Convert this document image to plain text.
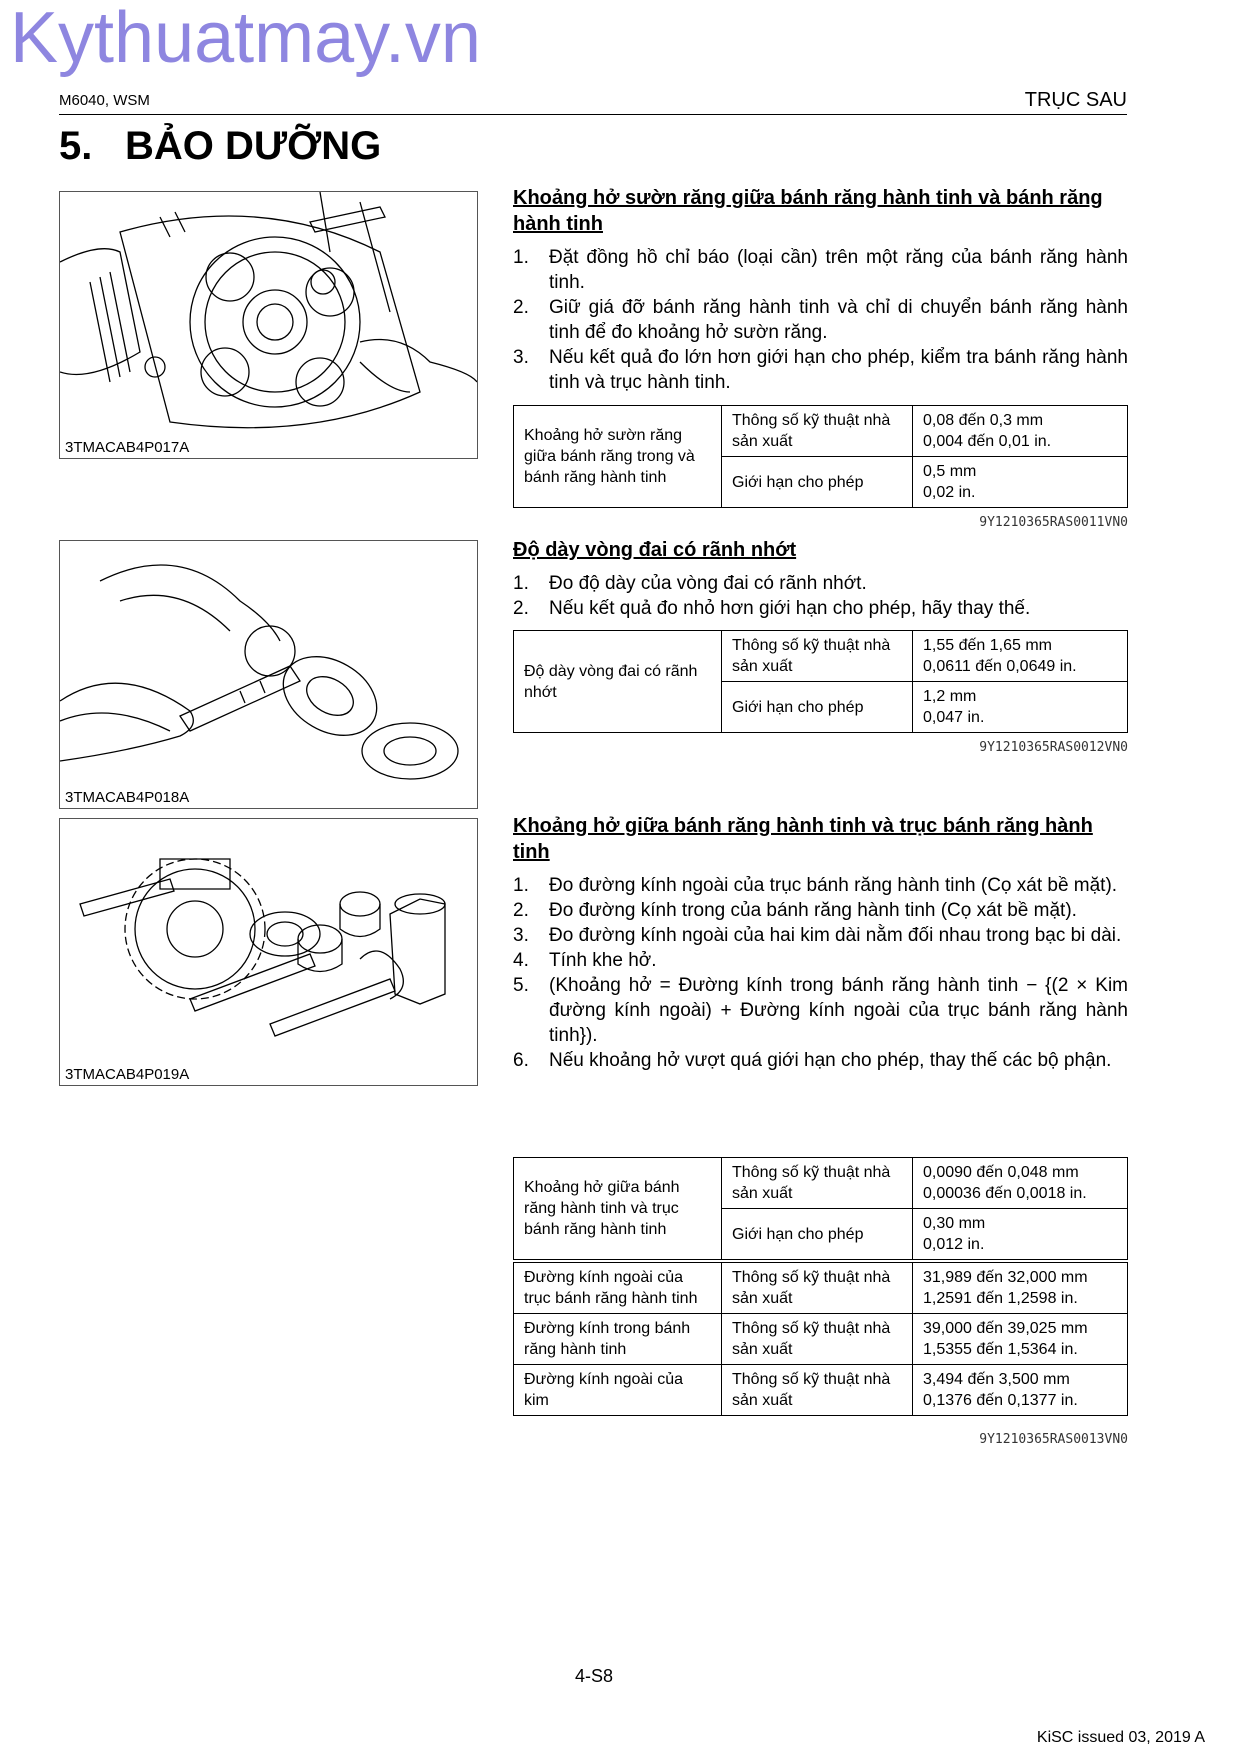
Kythuatmay.vn
M6040, WSM	TRỤC SAU
5. BẢO DƯỠNG
3TMACAB4P017A
3TMACAB4P018A
3TMACAB4P019A
Khoảng hở sườn răng giữa bánh răng hành tinh và bánh răng hành tinh
1. Đặt đồng hồ chỉ báo (loại cần) trên một răng của bánh răng hành tinh.
2. Giữ giá đỡ bánh răng hành tinh và chỉ di chuyển bánh răng hành tinh để đo khoảng hở sườn răng.
3. Nếu kết quả đo lớn hơn giới hạn cho phép, kiểm tra bánh răng hành tinh và trục hành tinh.
Khoảng hở sườn răng giữa bánh răng trong và bánh răng hành tinh	Thông số kỹ thuật nhà sản xuất	0,08 đến 0,3 mm
0,004 đến 0,01 in.
	Giới hạn cho phép	0,5 mm
0,02 in.
9Y1210365RAS0011VN0
Độ dày vòng đai có rãnh nhớt
1. Đo độ dày của vòng đai có rãnh nhớt.
2. Nếu kết quả đo nhỏ hơn giới hạn cho phép, hãy thay thế.
Độ dày vòng đai có rãnh nhớt	Thông số kỹ thuật nhà sản xuất	1,55 đến 1,65 mm
0,0611 đến 0,0649 in.
	Giới hạn cho phép	1,2 mm
0,047 in.
9Y1210365RAS0012VN0
Khoảng hở giữa bánh răng hành tinh và trục bánh răng hành tinh
1. Đo đường kính ngoài của trục bánh răng hành tinh (Cọ xát bề mặt).
2. Đo đường kính trong của bánh răng hành tinh (Cọ xát bề mặt).
3. Đo đường kính ngoài của hai kim dài nằm đối nhau trong bạc bi dài.
4. Tính khe hở.
5. (Khoảng hở = Đường kính trong bánh răng hành tinh − {(2 × Kim đường kính ngoài) + Đường kính ngoài của trục bánh răng hành tinh}).
6. Nếu khoảng hở vượt quá giới hạn cho phép, thay thế các bộ phận.
Khoảng hở giữa bánh răng hành tinh và trục bánh răng hành tinh	Thông số kỹ thuật nhà sản xuất	0,0090 đến 0,048 mm
0,00036 đến 0,0018 in.
	Giới hạn cho phép	0,30 mm
0,012 in.
Đường kính ngoài của trục bánh răng hành tinh	Thông số kỹ thuật nhà sản xuất	31,989 đến 32,000 mm
1,2591 đến 1,2598 in.
Đường kính trong bánh răng hành tinh	Thông số kỹ thuật nhà sản xuất	39,000 đến 39,025 mm
1,5355 đến 1,5364 in.
Đường kính ngoài của kim	Thông số kỹ thuật nhà sản xuất	3,494 đến 3,500 mm
0,1376 đến 0,1377 in.
9Y1210365RAS0013VN0
4-S8
KiSC issued 03, 2019 A
